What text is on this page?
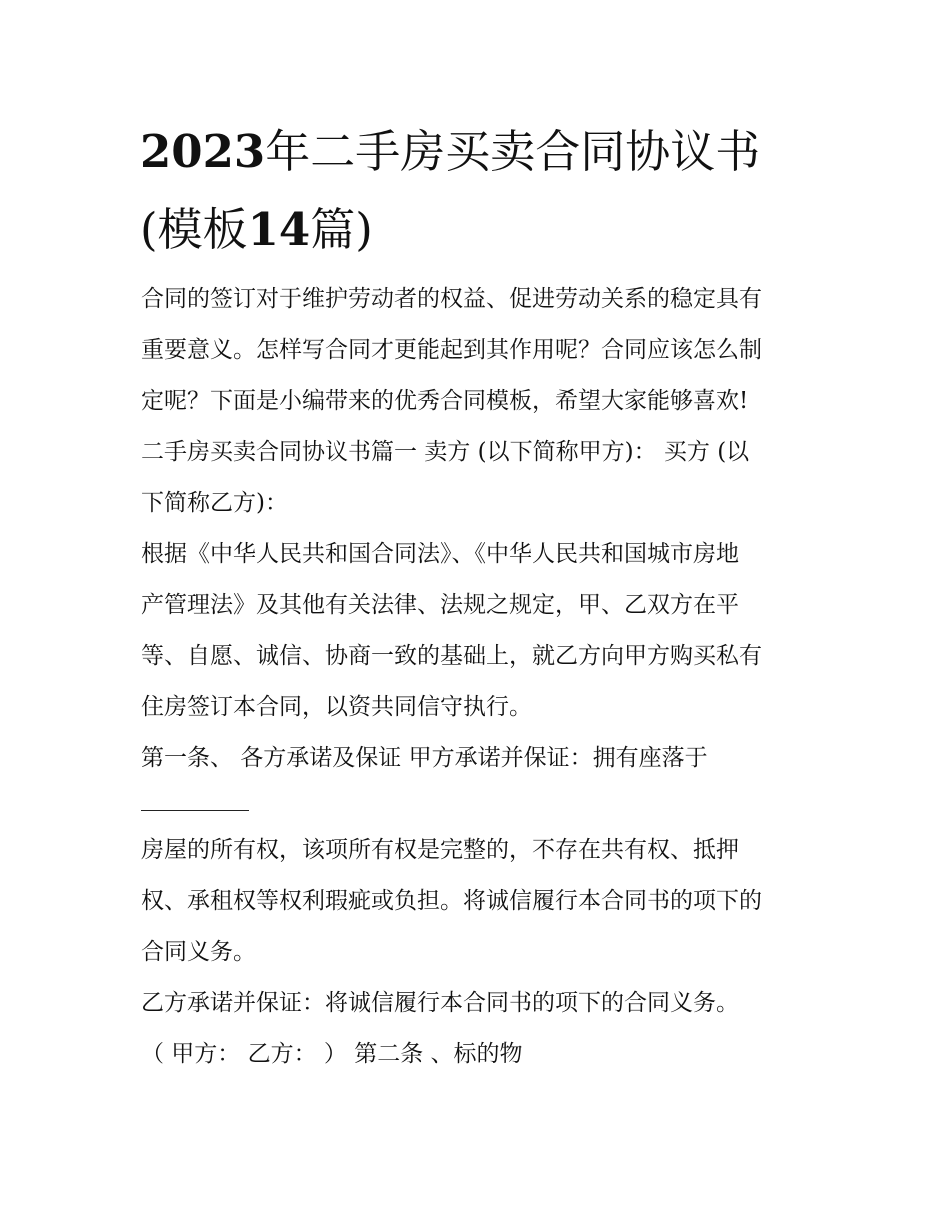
2023年二手房买卖合同协议书
(模板14篇)
合同的签订对于维护劳动者的权益、促进劳动关系的稳定具有
重要意义。怎样写合同才更能起到其作用呢？合同应该怎么制
定呢？下面是小编带来的优秀合同模板，希望大家能够喜欢!
二手房买卖合同协议书篇一 卖方 (以下简称甲方)： 买方 (以
下简称乙方)：
根据《中华人民共和国合同法》、《中华人民共和国城市房地
产管理法》及其他有关法律、法规之规定，甲、乙双方在平
等、自愿、诚信、协商一致的基础上，就乙方向甲方购买私有
住房签订本合同，以资共同信守执行。
第一条、 各方承诺及保证 甲方承诺并保证：拥有座落于
房屋的所有权，该项所有权是完整的，不存在共有权、抵押
权、承租权等权利瑕疵或负担。将诚信履行本合同书的项下的
合同义务。
乙方承诺并保证：将诚信履行本合同书的项下的合同义务。
（ 甲方： 乙方： ） 第二条 、标的物
